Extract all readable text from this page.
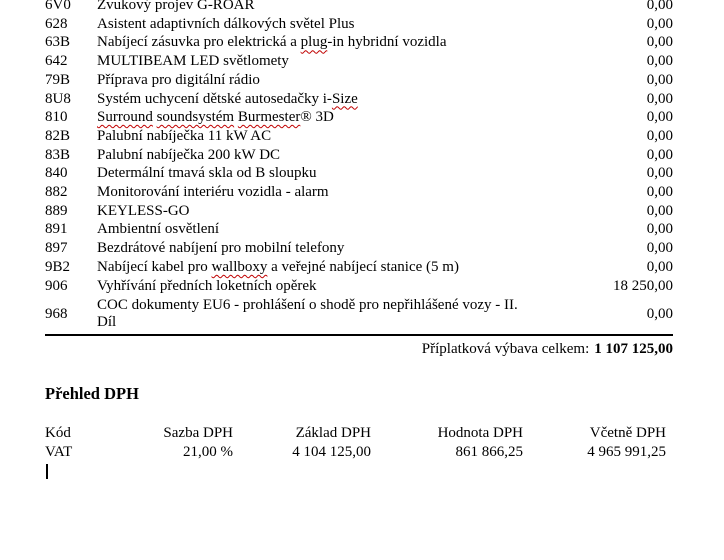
6V0	Zvukový projev G-ROAR	0,00
628	Asistent adaptivních dálkových světel Plus	0,00
63B	Nabíjecí zásuvka pro elektrická a plug-in hybridní vozidla	0,00
642	MULTIBEAM LED světlomety	0,00
79B	Příprava pro digitální rádio	0,00
8U8	Systém uchycení dětské autosedačky i-Size	0,00
810	Surround soundsystém Burmester® 3D	0,00
82B	Palubní nabíječka 11 kW AC	0,00
83B	Palubní nabíječka 200 kW DC	0,00
840	Determální tmavá skla od B sloupku	0,00
882	Monitorování interiéru vozidla - alarm	0,00
889	KEYLESS-GO	0,00
891	Ambientní osvětlení	0,00
897	Bezdrátové nabíjení pro mobilní telefony	0,00
9B2	Nabíjecí kabel pro wallboxy a veřejné nabíjecí stanice (5 m)	0,00
906	Vyhřívání předních loketních opěrek	18 250,00
968	COC dokumenty EU6 - prohlášení o shodě pro nepřihlášené vozy - II.
Díl	0,00
Příplatková výbava celkem: 1 107 125,00
Přehled DPH
Kód	Sazba DPH	Základ DPH	Hodnota DPH	Včetně DPH
VAT	21,00 %	4 104 125,00	861 866,25	4 965 991,25
